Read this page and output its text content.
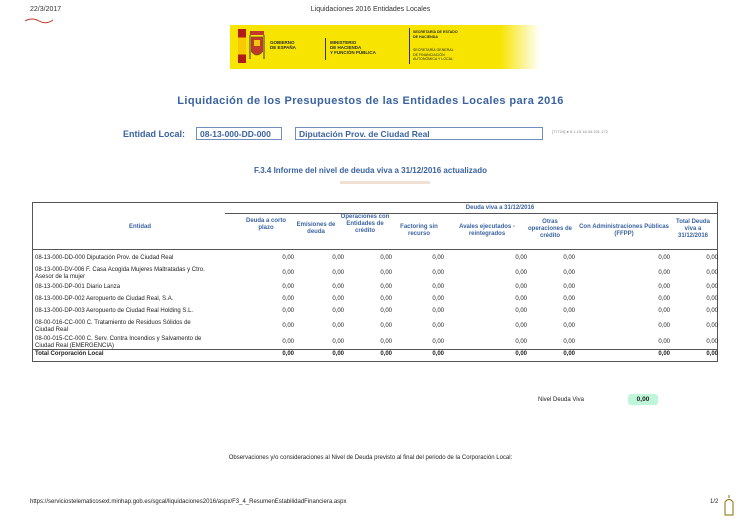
22/3/2017	Liquidaciones 2016 Entidades Locales
GOBIERNO
DE ESPAÑA
MINISTERIO
DE HACIENDA
Y FUNCIÓN PÚBLICA
SECRETARÍA DE ESTADO
DE HACIENDA
SECRETARÍA GENERAL
DE FINANCIACIÓN
AUTONÓMICA Y LOCAL
Liquidación de los Presupuestos de las Entidades Locales para 2016
Entidad Local:	08-13-000-DD-000	Diputación Prov. de Ciudad Real	[77724] ● 8.1.15.16.34.201.172
F.3.4 Informe del nivel de deuda viva a 31/12/2016 actualizado
Deuda viva a 31/12/2016
Entidad
Deuda a corto plazo	Emisiones de deuda
Operaciones con Entidades de crédito
Factoring sin recurso
Avales ejecutados - reintegrados
Otras operaciones de crédito
Con Administraciones Públicas (FFPP)
Total Deuda viva a 31/12/2016
08-13-000-DD-000 Diputación Prov. de Ciudad Real	0,00	0,00	0,00	0,00	0,00	0,00	0,00	0,00
08-13-000-DV-006 F. Casa Acogida Mujeres Maltratadas y Ctro.
Asesor de la mujer
0,00	0,00	0,00	0,00	0,00	0,00	0,00	0,00
08-13-000-DP-001 Diario Lanza	0,00	0,00	0,00	0,00	0,00	0,00	0,00	0,00
08-13-000-DP-002 Aeropuerto de Ciudad Real, S.A.	0,00	0,00	0,00	0,00	0,00	0,00	0,00	0,00
08-13-000-DP-003 Aeropuerto de Ciudad Real Holding S.L.	0,00	0,00	0,00	0,00	0,00	0,00	0,00	0,00
08-00-016-CC-000 C. Tratamiento de Residuos Sólidos de
Ciudad Real
0,00	0,00	0,00	0,00	0,00	0,00	0,00	0,00
08-00-015-CC-000 C. Serv. Contra Incendios y Salvamento de
Ciudad Real (EMERGENCIA)
0,00	0,00	0,00	0,00	0,00	0,00	0,00	0,00
Total Corporación Local	0,00	0,00	0,00	0,00	0,00	0,00	0,00	0,00
Nivel Deuda Viva	0,00
Observaciones y/o consideraciones al Nivel de Deuda previsto al final del periodo de la Corporación Local:
https://serviciostelematicosext.minhap.gob.es/sgcal/liquidaciones2016/aspx/F3_4_ResumenEstabilidadFinanciera.aspx	1/2
